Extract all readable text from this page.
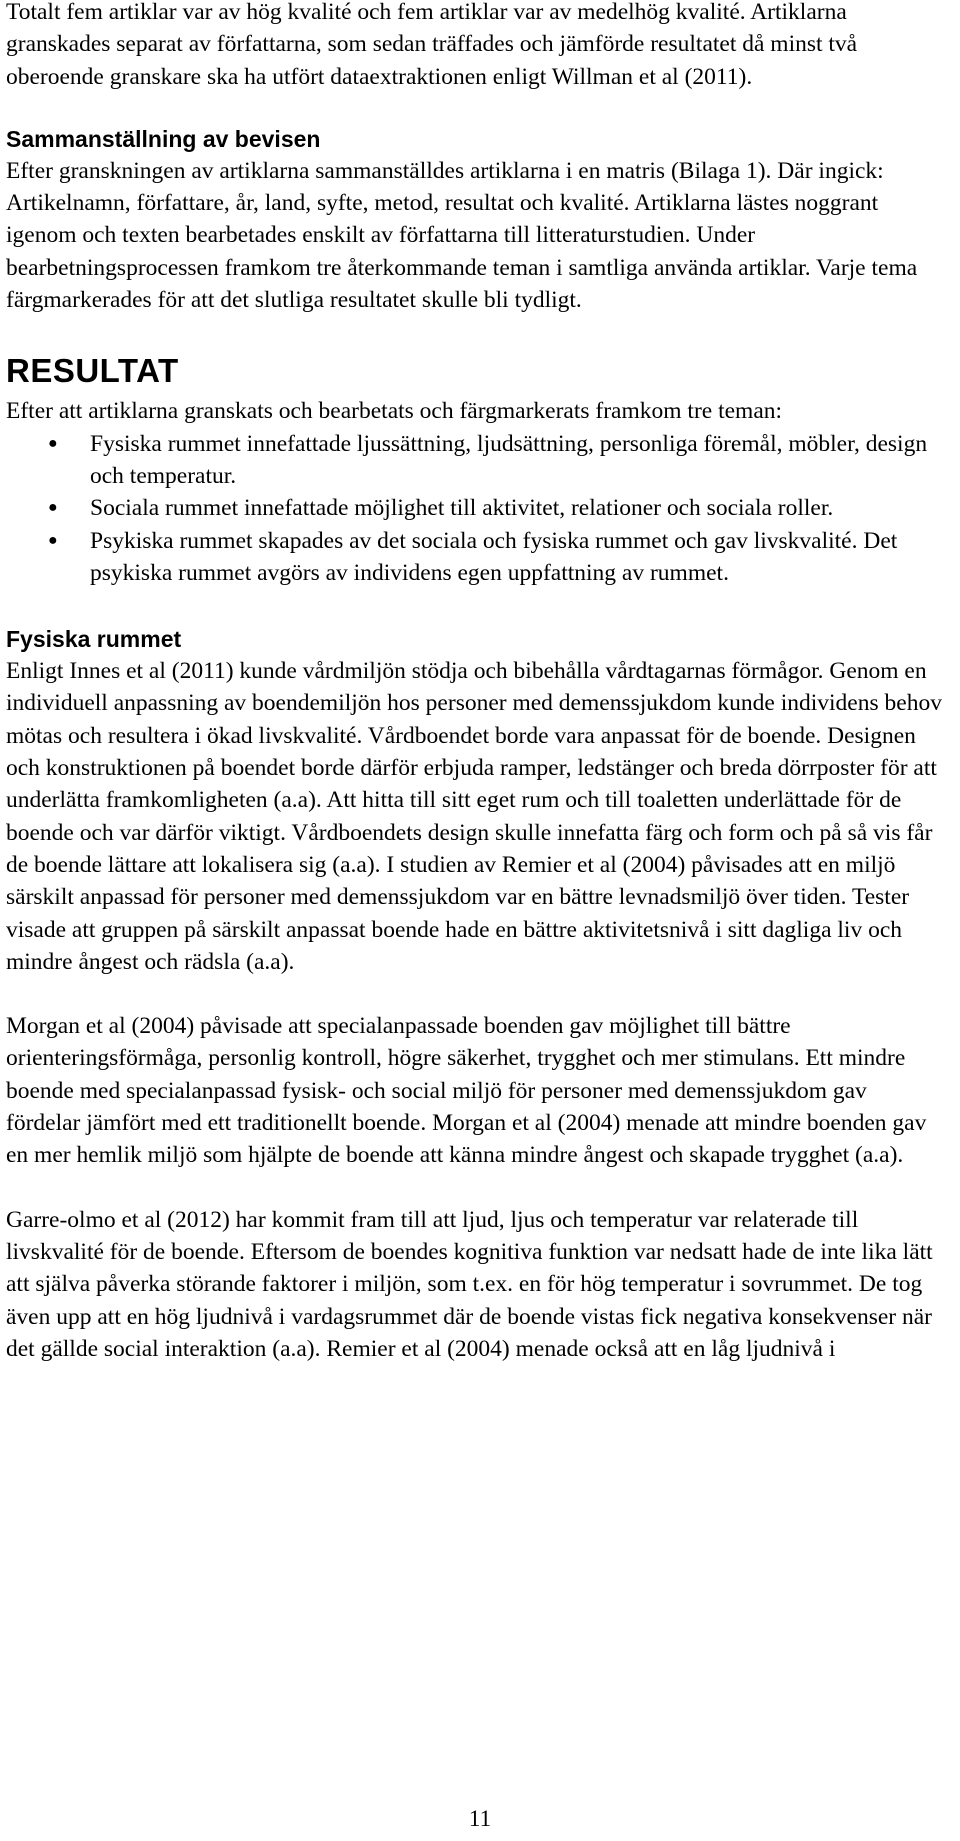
Totalt fem artiklar var av hög kvalité och fem artiklar var av medelhög kvalité. Artiklarna granskades separat av författarna, som sedan träffades och jämförde resultatet då minst två oberoende granskare ska ha utfört dataextraktionen enligt Willman et al (2011).

Sammanställning av bevisen

Efter granskningen av artiklarna sammanställdes artiklarna i en matris (Bilaga 1). Där ingick: Artikelnamn, författare, år, land, syfte, metod, resultat och kvalité. Artiklarna lästes noggrant igenom och texten bearbetades enskilt av författarna till litteraturstudien. Under bearbetningsprocessen framkom tre återkommande teman i samtliga använda artiklar. Varje tema färgmarkerades för att det slutliga resultatet skulle bli tydligt.

RESULTAT

Efter att artiklarna granskats och bearbetats och färgmarkerats framkom tre teman:

● Fysiska rummet innefattade ljussättning, ljudsättning, personliga föremål, möbler, design och temperatur.
● Sociala rummet innefattade möjlighet till aktivitet, relationer och sociala roller.
● Psykiska rummet skapades av det sociala och fysiska rummet och gav livskvalité. Det psykiska rummet avgörs av individens egen uppfattning av rummet.
Fysiska rummet

Enligt Innes et al (2011) kunde vårdmiljön stödja och bibehålla vårdtagarnas förmågor. Genom en individuell anpassning av boendemiljön hos personer med demenssjukdom kunde individens behov mötas och resultera i ökad livskvalité. Vårdboendet borde vara anpassat för de boende. Designen och konstruktionen på boendet borde därför erbjuda ramper, ledstänger och breda dörrposter för att underlätta framkomligheten (a.a). Att hitta till sitt eget rum och till toaletten underlättade för de boende och var därför viktigt. Vårdboendets design skulle innefatta färg och form och på så vis får de boende lättare att lokalisera sig (a.a). I studien av Remier et al (2004) påvisades att en miljö särskilt anpassad för personer med demenssjukdom var en bättre levnadsmiljö över tiden. Tester visade att gruppen på särskilt anpassat boende hade en bättre aktivitetsnivå i sitt dagliga liv och mindre ångest och rädsla (a.a).

Morgan et al (2004) påvisade att specialanpassade boenden gav möjlighet till bättre orienteringsförmåga, personlig kontroll, högre säkerhet, trygghet och mer stimulans. Ett mindre boende med specialanpassad fysisk- och social miljö för personer med demenssjukdom gav fördelar jämfört med ett traditionellt boende. Morgan et al (2004) menade att mindre boenden gav en mer hemlik miljö som hjälpte de boende att känna mindre ångest och skapade trygghet (a.a).

Garre-olmo et al (2012) har kommit fram till att ljud, ljus och temperatur var relaterade till livskvalité för de boende. Eftersom de boendes kognitiva funktion var nedsatt hade de inte lika lätt att själva påverka störande faktorer i miljön, som t.ex. en för hög temperatur i sovrummet. De tog även upp att en hög ljudnivå i vardagsrummet där de boende vistas fick negativa konsekvenser när det gällde social interaktion (a.a). Remier et al (2004) menade också att en låg ljudnivå i

11
